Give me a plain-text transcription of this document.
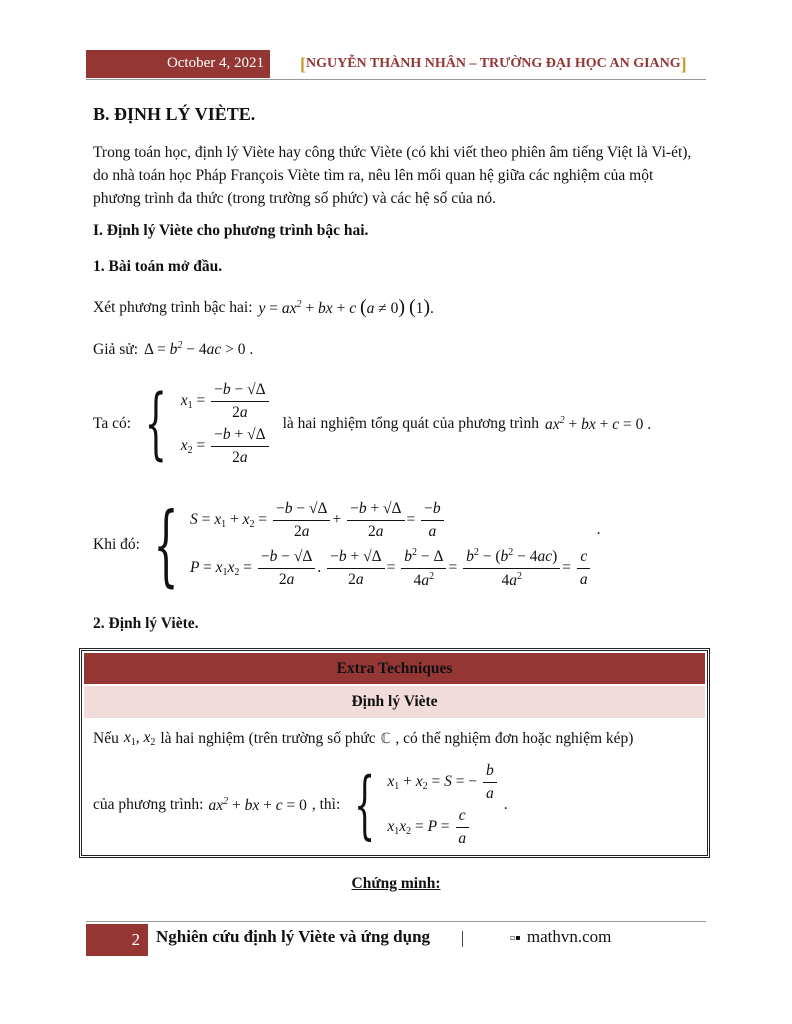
October 4, 2021	[ NGUYỄN THÀNH NHÂN – TRƯỜNG ĐẠI HỌC AN GIANG ]
B. ĐỊNH LÝ VIÈTE.
Trong toán học, định lý Viète hay công thức Viète (có khi viết theo phiên âm tiếng Việt là Vi-ét), do nhà toán học Pháp François Viète tìm ra, nêu lên mối quan hệ giữa các nghiệm của một phương trình đa thức (trong trường số phức) và các hệ số của nó.
I. Định lý Viète cho phương trình bậc hai.
1. Bài toán mở đầu.
Xét phương trình bậc hai: $y = ax^2$ + bx + c (a ≠ 0) (1).
Giả sử: $\Delta = b^2 - 4ac > 0$ .
Ta có: { $x_1 = \frac{-b - √\Delta}{2a}$
$x_2 = \frac{-b + √\Delta}{2a}$
là hai nghiệm tổng quát của phương trình $ax^2$ + bx + c = 0 .
Khi đó: { $S = x_1 + x_2 = \frac{-b - √\Delta}{2a} + \frac{-b + √\Delta}{2a} = \frac{-b}{a}$
$P = x_1x_2 = \frac{-b - √\Delta}{2a}$ . $\frac{-b + √\Delta}{2a} = \frac{b^2 - \Delta}{4a^2} = \frac{b^2 - (b^2 - 4ac)}{4a^2} = \frac{c}{a}$
.
2. Định lý Viète.
Extra Techniques
Định lý Viète
Nếu $x_1$, $x_2$ là hai nghiệm (trên trường số phức ℂ , có thể nghiệm đơn hoặc nghiệm kép)
của phương trình: $ax^2$ + bx + c = 0 , thì: { $x_1 + x_2 = S$ = − $\frac{b}{a}$
$x_1x_2 = P = \frac{c}{a}$
.
Chứng minh:
2 Nghiên cứu định lý Viète và ứng dụng	▫▪ mathvn.com
